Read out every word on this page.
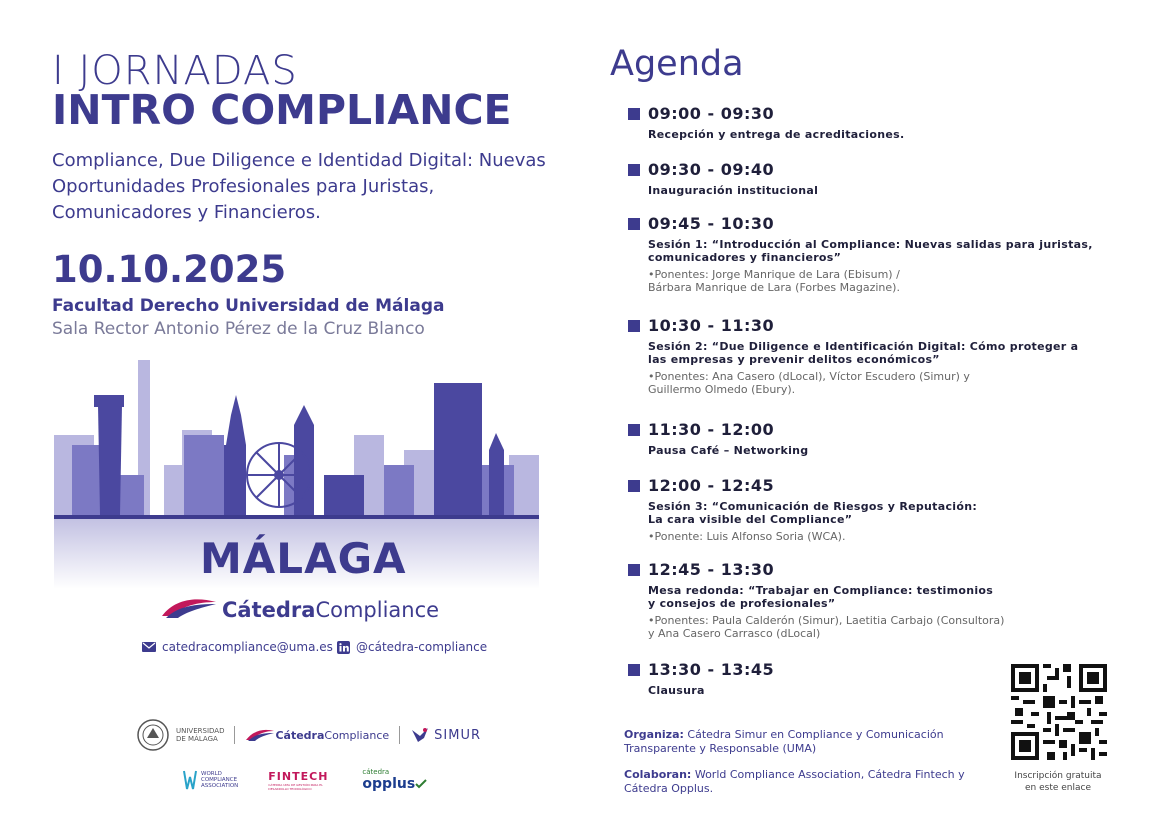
I JORNADAS
INTRO COMPLIANCE
Compliance, Due Diligence e Identidad Digital: Nuevas Oportunidades Profesionales para Juristas, Comunicadores y Financieros.
10.10.2025
Facultad Derecho Universidad de Málaga
Sala Rector Antonio Pérez de la Cruz Blanco
MÁLAGA
CátedraCompliance
catedracompliance@uma.es @cátedra-compliance
UNIVERSIDAD
DE MÁLAGA	CátedraCompliance	SIMUR
WORLD
COMPLIANCE
ASSOCIATION
FINTECH
CÁTEDRA UMA DE GESTIÓN PARA EL DESARROLLO TECNOLÓGICO
cátedra
opplus
Agenda
09:00 - 09:30
Recepción y entrega de acreditaciones.
09:30 - 09:40
Inauguración institucional
09:45 - 10:30
Sesión 1: “Introducción al Compliance: Nuevas salidas para juristas,
comunicadores y financieros”
•Ponentes: Jorge Manrique de Lara (Ebisum) /
Bárbara Manrique de Lara (Forbes Magazine).
10:30 - 11:30
Sesión 2: “Due Diligence e Identificación Digital: Cómo proteger a
las empresas y prevenir delitos económicos”
•Ponentes: Ana Casero (dLocal), Víctor Escudero (Simur) y
Guillermo Olmedo (Ebury).
11:30 - 12:00
Pausa Café – Networking
12:00 - 12:45
Sesión 3: “Comunicación de Riesgos y Reputación:
La cara visible del Compliance”
•Ponente: Luis Alfonso Soria (WCA).
12:45 - 13:30
Mesa redonda: “Trabajar en Compliance: testimonios
y consejos de profesionales”
•Ponentes: Paula Calderón (Simur), Laetitia Carbajo (Consultora)
y Ana Casero Carrasco (dLocal)
13:30 - 13:45
Clausura
Organiza: Cátedra Simur en Compliance y Comunicación Transparente y Responsable (UMA)
Colaboran: World Compliance Association, Cátedra Fintech y Cátedra Opplus.
Inscripción gratuita
en este enlace
